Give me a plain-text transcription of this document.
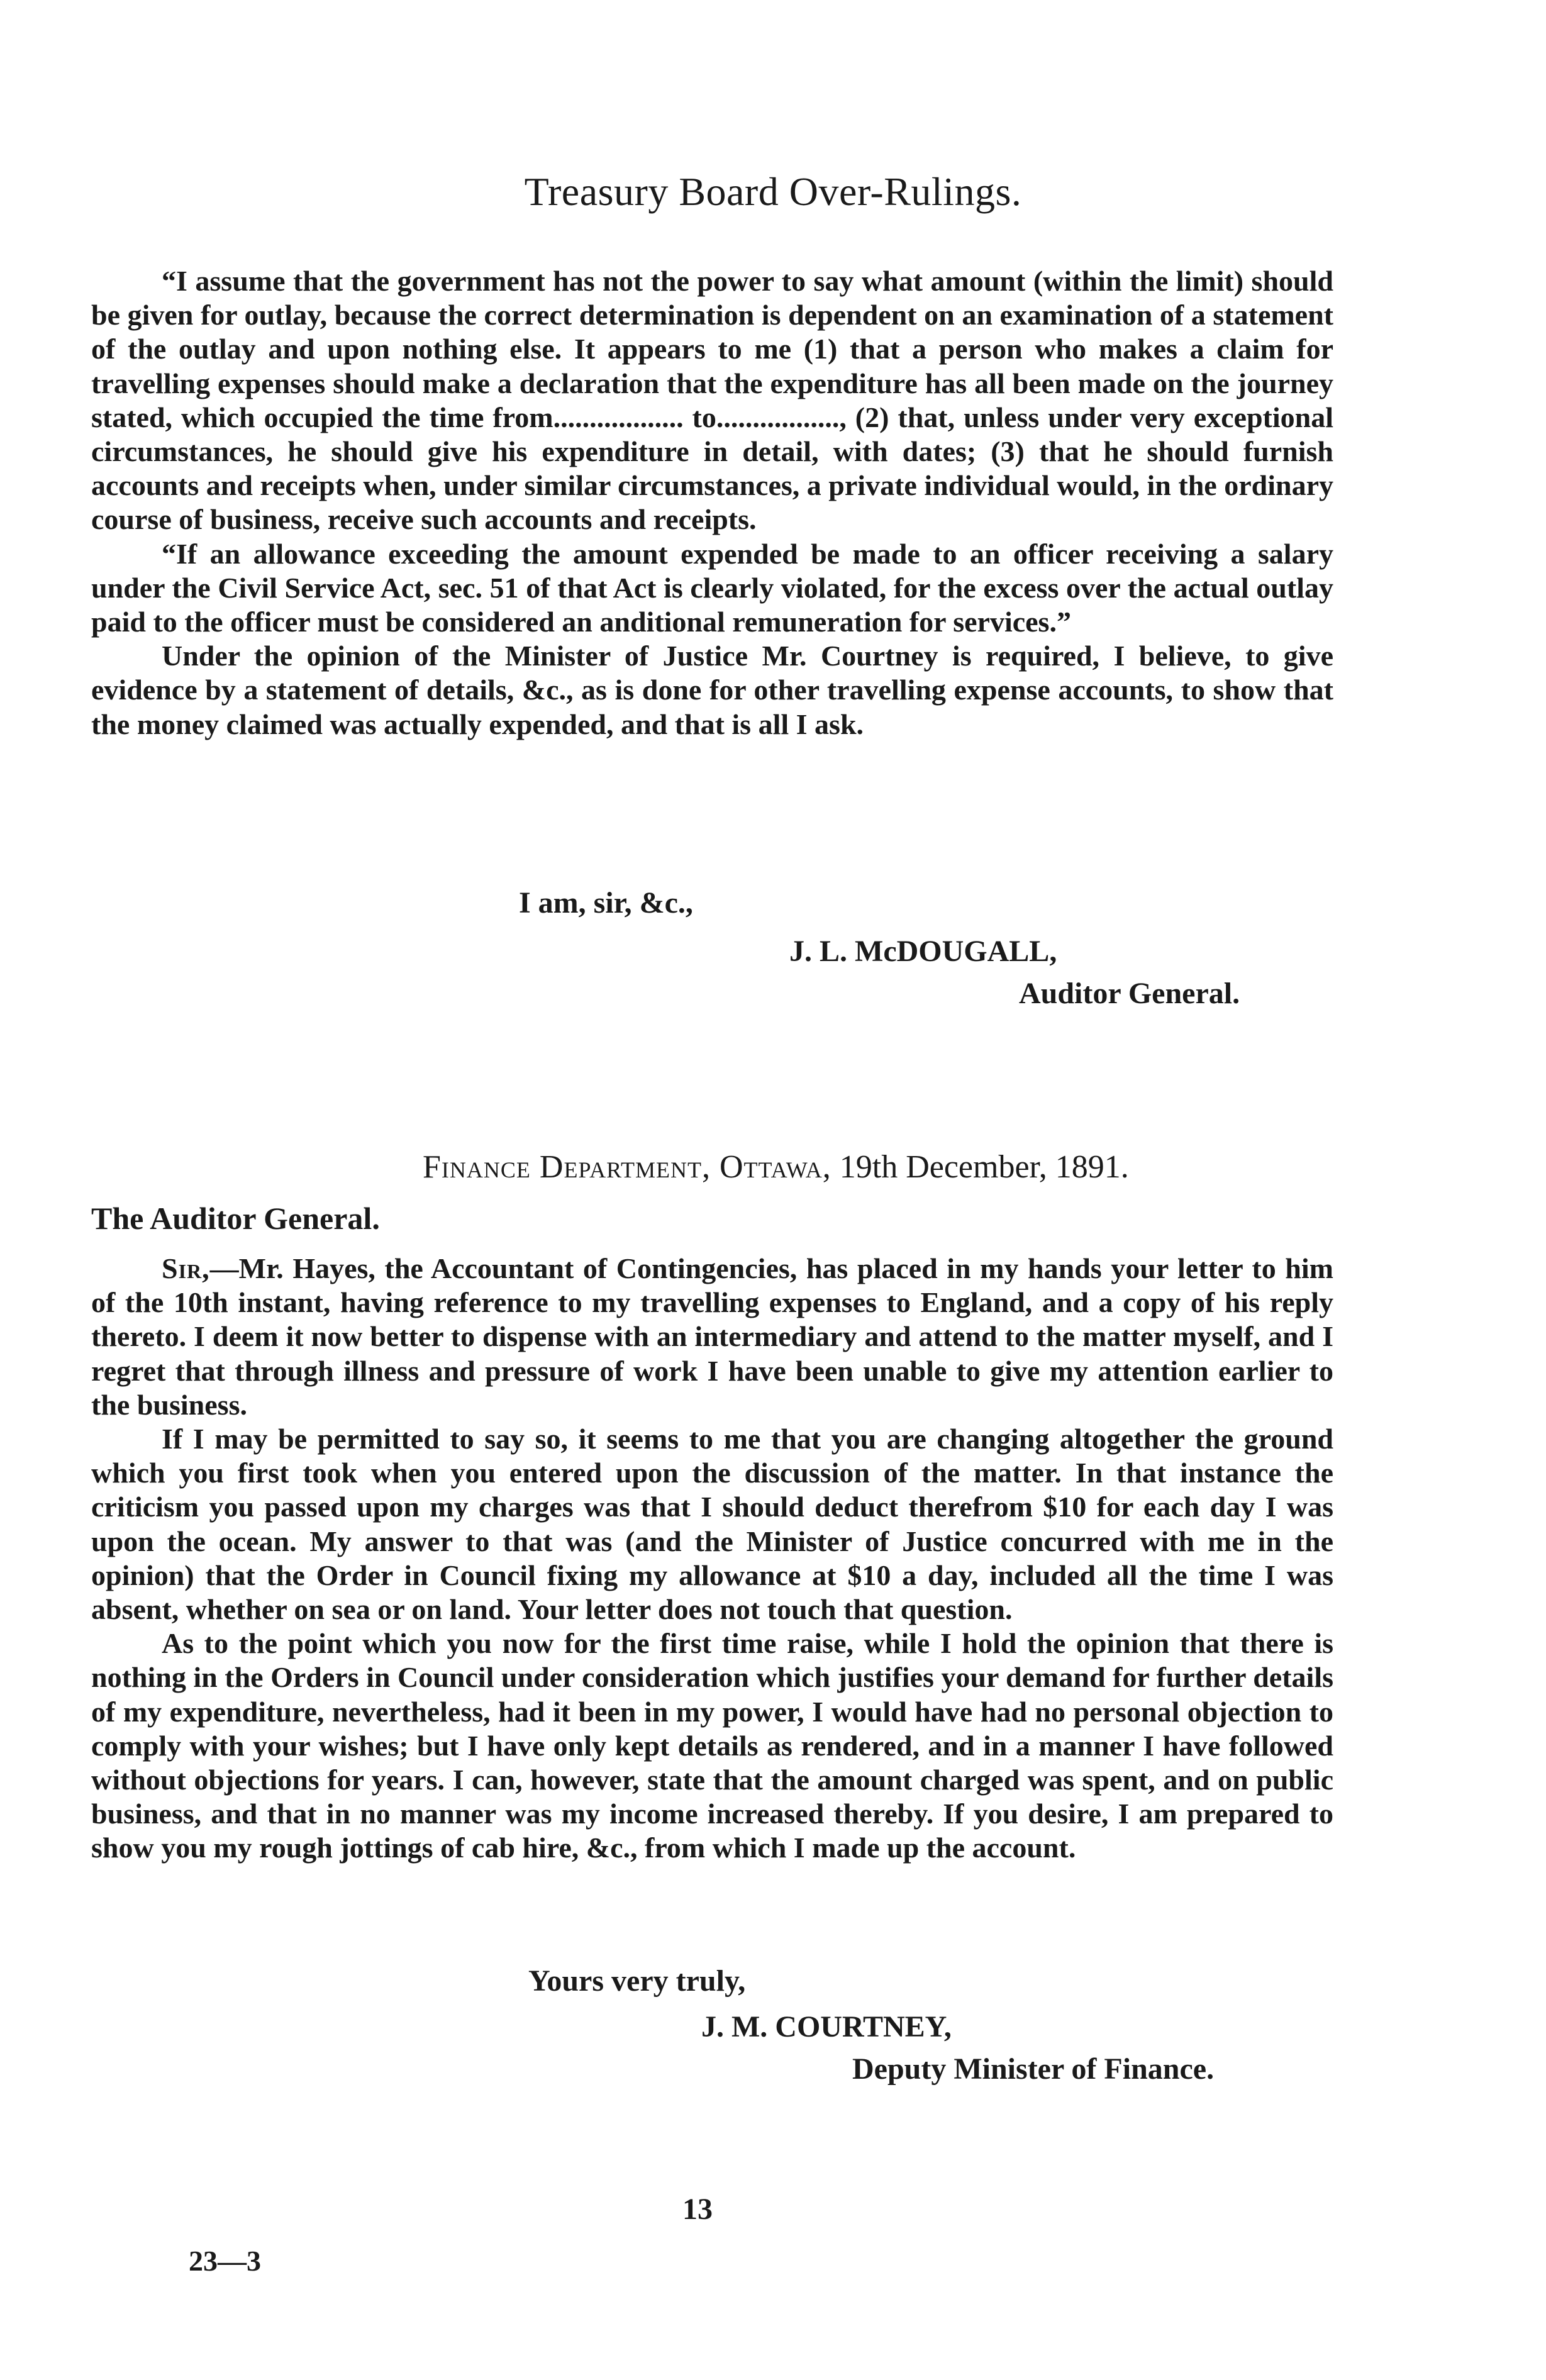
Treasury Board Over-Rulings.

“I assume that the government has not the power to say what amount (within the limit) should be given for outlay, because the correct determination is dependent on an examination of a statement of the outlay and upon nothing else. It appears to me (1) that a person who makes a claim for travelling expenses should make a declaration that the expenditure has all been made on the journey stated, which occupied the time from.................. to................., (2) that, unless under very exceptional circumstances, he should give his expenditure in detail, with dates; (3) that he should furnish accounts and receipts when, under similar circumstances, a private individual would, in the ordinary course of business, receive such accounts and receipts.

“If an allowance exceeding the amount expended be made to an officer receiving a salary under the Civil Service Act, sec. 51 of that Act is clearly violated, for the excess over the actual outlay paid to the officer must be considered an anditional remuneration for services.”

Under the opinion of the Minister of Justice Mr. Courtney is required, I believe, to give evidence by a statement of details, &c., as is done for other travelling expense accounts, to show that the money claimed was actually expended, and that is all I ask.

I am, sir, &c.,
J. L. McDOUGALL,
Auditor General.
Finance Department, Ottawa, 19th December, 1891.
The Auditor General.

Sir,—Mr. Hayes, the Accountant of Contingencies, has placed in my hands your letter to him of the 10th instant, having reference to my travelling expenses to England, and a copy of his reply thereto. I deem it now better to dispense with an intermediary and attend to the matter myself, and I regret that through illness and pressure of work I have been unable to give my attention earlier to the business.

If I may be permitted to say so, it seems to me that you are changing altogether the ground which you first took when you entered upon the discussion of the matter. In that instance the criticism you passed upon my charges was that I should deduct therefrom $10 for each day I was upon the ocean. My answer to that was (and the Minister of Justice concurred with me in the opinion) that the Order in Council fixing my allowance at $10 a day, included all the time I was absent, whether on sea or on land. Your letter does not touch that question.

As to the point which you now for the first time raise, while I hold the opinion that there is nothing in the Orders in Council under consideration which justifies your demand for further details of my expenditure, nevertheless, had it been in my power, I would have had no personal objection to comply with your wishes; but I have only kept details as rendered, and in a manner I have followed without objections for years. I can, however, state that the amount charged was spent, and on public business, and that in no manner was my income increased thereby. If you desire, I am prepared to show you my rough jottings of cab hire, &c., from which I made up the account.

Yours very truly,
J. M. COURTNEY,
Deputy Minister of Finance.
13
23—3
